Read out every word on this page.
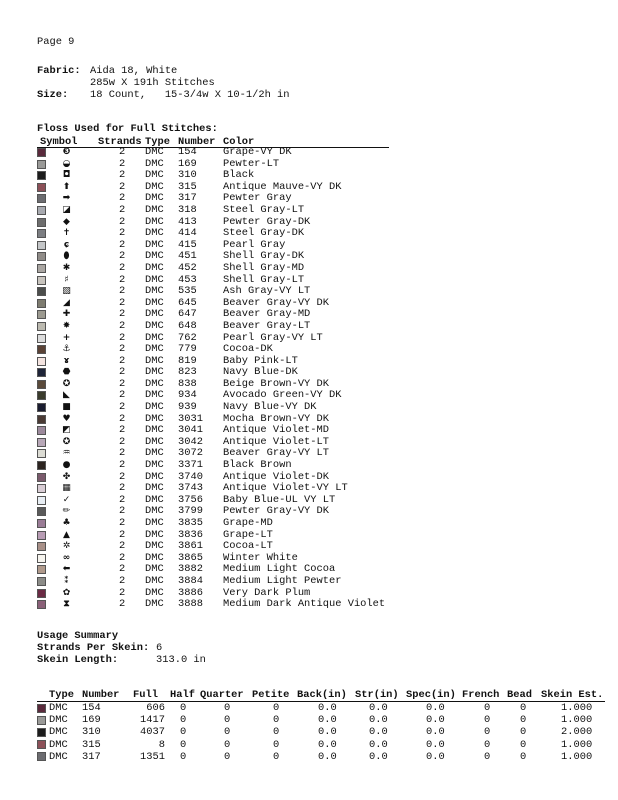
Page 9
Fabric: Aida 18, White
285w X 191h Stitches
Size: 18 Count,   15-3/4w X 10-1/2h in
Floss Used for Full Stitches:
Symbol Strands Type Number Color
❸	2 DMC 154	Grape-VY DK
◒	2 DMC 169	Pewter-LT
◘	2 DMC 310	Black
⬆	2 DMC 315	Antique Mauve-VY DK
➡	2 DMC 317	Pewter Gray
◪	2 DMC 318	Steel Gray-LT
◆	2 DMC 413	Pewter Gray-DK
✝	2 DMC 414	Steel Gray-DK
ɕ	2 DMC 415	Pearl Gray
⬮	2 DMC 451	Shell Gray-DK
✱	2 DMC 452	Shell Gray-MD
♯	2 DMC 453	Shell Gray-LT
▧	2 DMC 535	Ash Gray-VY LT
◢	2 DMC 645	Beaver Gray-VY DK
✚	2 DMC 647	Beaver Gray-MD
✸	2 DMC 648	Beaver Gray-LT
+	2 DMC 762	Pearl Gray-VY LT
⚓	2 DMC 779	Cocoa-DK
ɤ	2 DMC 819	Baby Pink-LT
⬣	2 DMC 823	Navy Blue-DK
✪	2 DMC 838	Beige Brown-VY DK
◣	2 DMC 934	Avocado Green-VY DK
■	2 DMC 939	Navy Blue-VY DK
♥	2 DMC 3031 Mocha Brown-VY DK
◩	2 DMC 3041 Antique Violet-MD
✪	2 DMC 3042 Antique Violet-LT
♒	2 DMC 3072 Beaver Gray-VY LT
●	2 DMC 3371 Black Brown
✤	2 DMC 3740 Antique Violet-DK
▦	2 DMC 3743 Antique Violet-VY LT
✓	2 DMC 3756 Baby Blue-UL VY LT
✏	2 DMC 3799 Pewter Gray-VY DK
♣	2 DMC 3835 Grape-MD
▲	2 DMC 3836 Grape-LT
✲	2 DMC 3861 Cocoa-LT
∞	2 DMC 3865 Winter White
⬅	2 DMC 3882 Medium Light Cocoa
⁑	2 DMC 3884 Medium Light Pewter
✿	2 DMC 3886 Very Dark Plum
⧗	2 DMC 3888 Medium Dark Antique Violet
Usage Summary
Strands Per Skein: 6
Skein Length:	313.0 in
Type Number Full Half Quarter Petite Back(in) Str(in) Spec(in) French Bead Skein Est.
DMC 154	606 0	0	0	0.0	0.0	0.0	0	0	1.000
DMC 169	1417 0	0	0	0.0	0.0	0.0	0	0	1.000
DMC 310	4037 0	0	0	0.0	0.0	0.0	0	0	2.000
DMC 315	8 0	0	0	0.0	0.0	0.0	0	0	1.000
DMC 317	1351 0	0	0	0.0	0.0	0.0	0	0	1.000
